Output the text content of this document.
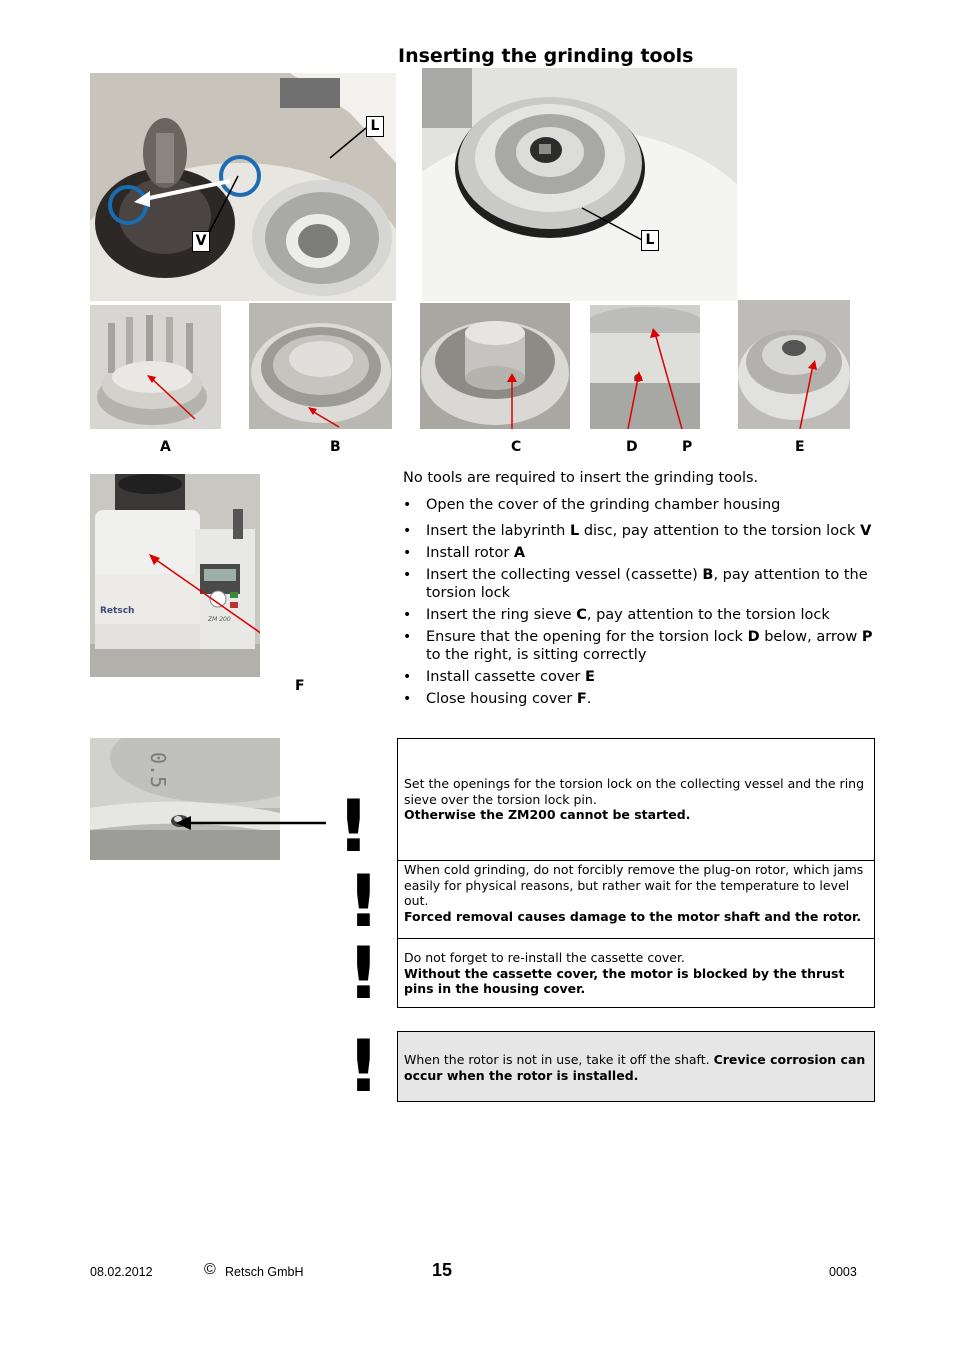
Inserting the grinding tools
L
V	L
A	B	C	D	P	E
Retsch
ZM 200
F
No tools are required to insert the grinding tools.
• Open the cover of the grinding chamber housing
• Insert the labyrinth L disc, pay attention to the torsion lock V
• Install rotor A
• Insert the collecting vessel (cassette) B, pay attention to the torsion lock
• Insert the ring sieve C, pay attention to the torsion lock
• Ensure that the opening for the torsion lock D below, arrow P to the right, is sitting correctly
• Install cassette cover E
• Close housing cover F.
0.5
!
!
!
!
Set the openings for the torsion lock on the collecting vessel and the ring sieve over the torsion lock pin.
Otherwise the ZM200 cannot be started.
When cold grinding, do not forcibly remove the plug-on rotor, which jams easily for physical reasons, but rather wait for the temperature to level out.
Forced removal causes damage to the motor shaft and the rotor.
Do not forget to re-install the cassette cover.
Without the cassette cover, the motor is blocked by the thrust pins in the housing cover.
When the rotor is not in use, take it off the shaft. Crevice corrosion can occur when the rotor is installed.
08.02.2012	© Retsch GmbH	15	0003
